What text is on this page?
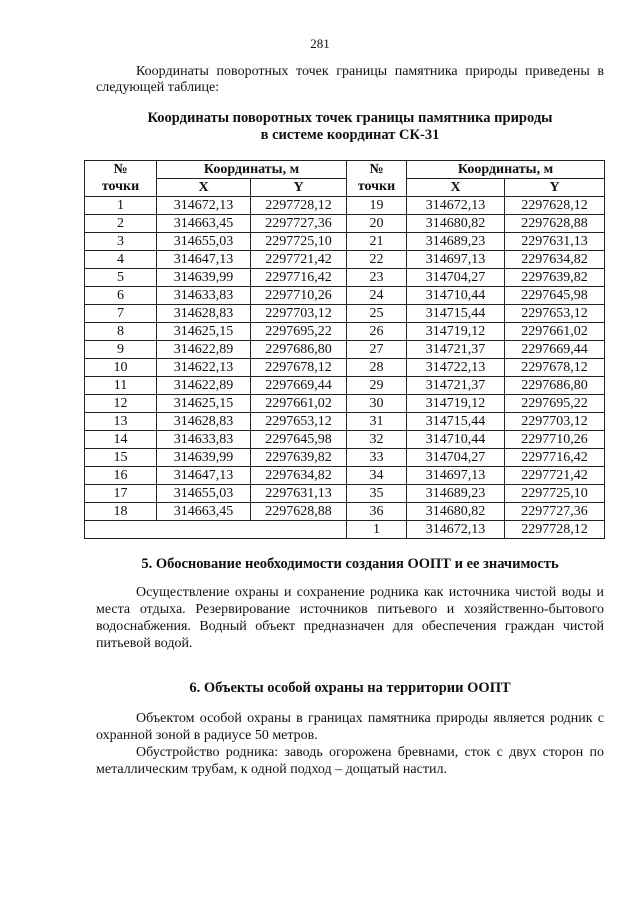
281

Координаты поворотных точек границы памятника природы приведены в следующей таблице:

Координаты поворотных точек границы памятника природы
в системе координат СК-31
№	Координаты, м		№	Координаты, м	
точки	X	Y	точки	X	Y
1	314672,13	2297728,12	19	314672,13	2297628,12
2	314663,45	2297727,36	20	314680,82	2297628,88
3	314655,03	2297725,10	21	314689,23	2297631,13
4	314647,13	2297721,42	22	314697,13	2297634,82
5	314639,99	2297716,42	23	314704,27	2297639,82
6	314633,83	2297710,26	24	314710,44	2297645,98
7	314628,83	2297703,12	25	314715,44	2297653,12
8	314625,15	2297695,22	26	314719,12	2297661,02
9	314622,89	2297686,80	27	314721,37	2297669,44
10	314622,13	2297678,12	28	314722,13	2297678,12
11	314622,89	2297669,44	29	314721,37	2297686,80
12	314625,15	2297661,02	30	314719,12	2297695,22
13	314628,83	2297653,12	31	314715,44	2297703,12
14	314633,83	2297645,98	32	314710,44	2297710,26
15	314639,99	2297639,82	33	314704,27	2297716,42
16	314647,13	2297634,82	34	314697,13	2297721,42
17	314655,03	2297631,13	35	314689,23	2297725,10
18	314663,45	2297628,88	36	314680,82	2297727,36
			1	314672,13	2297728,12
5. Обоснование необходимости создания ООПТ и ее значимость

Осуществление охраны и сохранение родника как источника чистой воды и места отдыха. Резервирование источников питьевого и хозяйственно-бытового водоснабжения. Водный объект предназначен для обеспечения граждан чистой питьевой водой.

6. Объекты особой охраны на территории ООПТ

Объектом особой охраны в границах памятника природы является родник с охранной зоной в радиусе 50 метров.

Обустройство родника: заводь огорожена бревнами, сток с двух сторон по металлическим трубам, к одной подход – дощатый настил.
